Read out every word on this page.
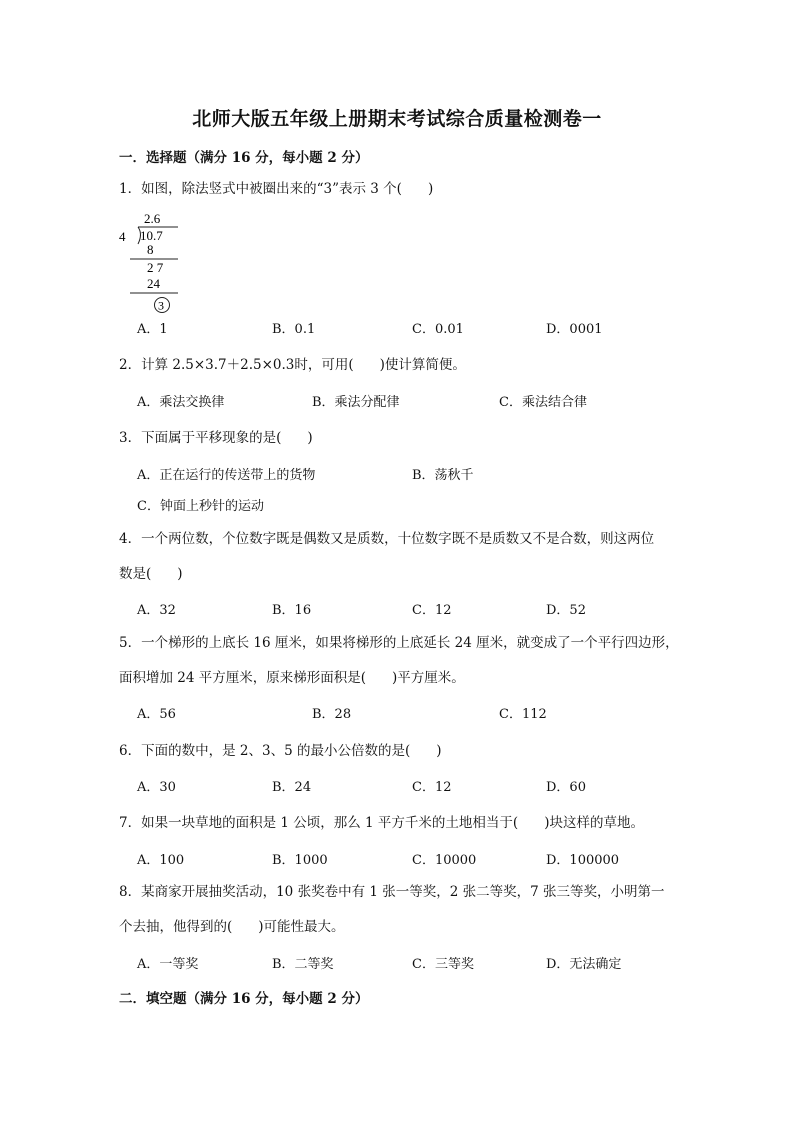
北师大版五年级上册期末考试综合质量检测卷一
一．选择题（满分 16 分，每小题 2 分）
1．如图，除法竖式中被圈出来的“3”表示 3 个( )
2.6
4 10.7
8
2 7
24
3
A．1	B．0.1	C．0.01	D．0001
2．计算 2.5×3.7＋2.5×0.3时，可用( )使计算简便。
A．乘法交换律	B．乘法分配律	C．乘法结合律
3．下面属于平移现象的是( )
A．正在运行的传送带上的货物	B．荡秋千
C．钟面上秒针的运动
4．一个两位数，个位数字既是偶数又是质数，十位数字既不是质数又不是合数，则这两位
数是( )
A．32	B．16	C．12	D．52
5．一个梯形的上底长 16 厘米，如果将梯形的上底延长 24 厘米，就变成了一个平行四边形，
面积增加 24 平方厘米，原来梯形面积是( )平方厘米。
A．56	B．28	C．112
6．下面的数中，是 2、3、5 的最小公倍数的是( )
A．30	B．24	C．12	D．60
7．如果一块草地的面积是 1 公顷，那么 1 平方千米的土地相当于( )块这样的草地。
A．100	B．1000	C．10000	D．100000
8．某商家开展抽奖活动，10 张奖卷中有 1 张一等奖，2 张二等奖，7 张三等奖，小明第一
个去抽，他得到的( )可能性最大。
A．一等奖	B．二等奖	C．三等奖	D．无法确定
二．填空题（满分 16 分，每小题 2 分）
